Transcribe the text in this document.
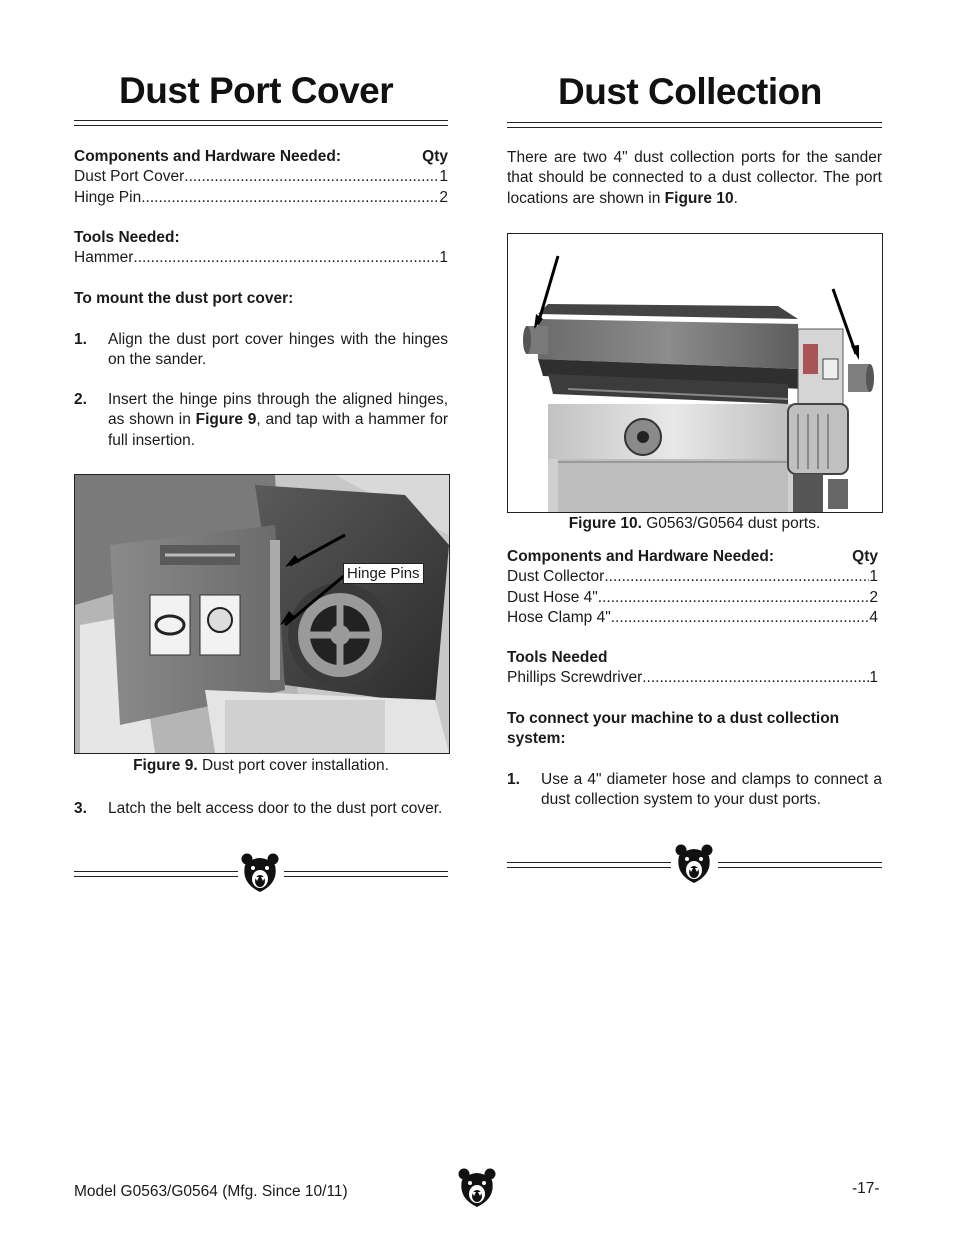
Dust Port Cover
Components and Hardware Needed:	Qty
Dust Port Cover .....	1
Hinge Pin .....	2
Tools Needed:
Hammer .....	1
To mount the dust port cover:
1.	Align the dust port cover hinges with the hinges on the sander.
2.	Insert the hinge pins through the aligned hinges, as shown in Figure 9, and tap with a hammer for full insertion.
Hinge Pins
Figure 9. Dust port cover installation.
3.	Latch the belt access door to the dust port cover.
Dust Collection
There are two 4" dust collection ports for the sander that should be connected to a dust collector. The port locations are shown in Figure 10.
Figure 10. G0563/G0564 dust ports.
Components and Hardware Needed:	Qty
Dust Collector .....	1
Dust Hose 4" .....	2
Hose Clamp 4" .....	4
Tools Needed
Phillips Screwdriver .....	1
To connect your machine to a dust collection system:
1.	Use a 4" diameter hose and clamps to connect a dust collection system to your dust ports.
Model G0563/G0564 (Mfg. Since 10/11)	-17-
